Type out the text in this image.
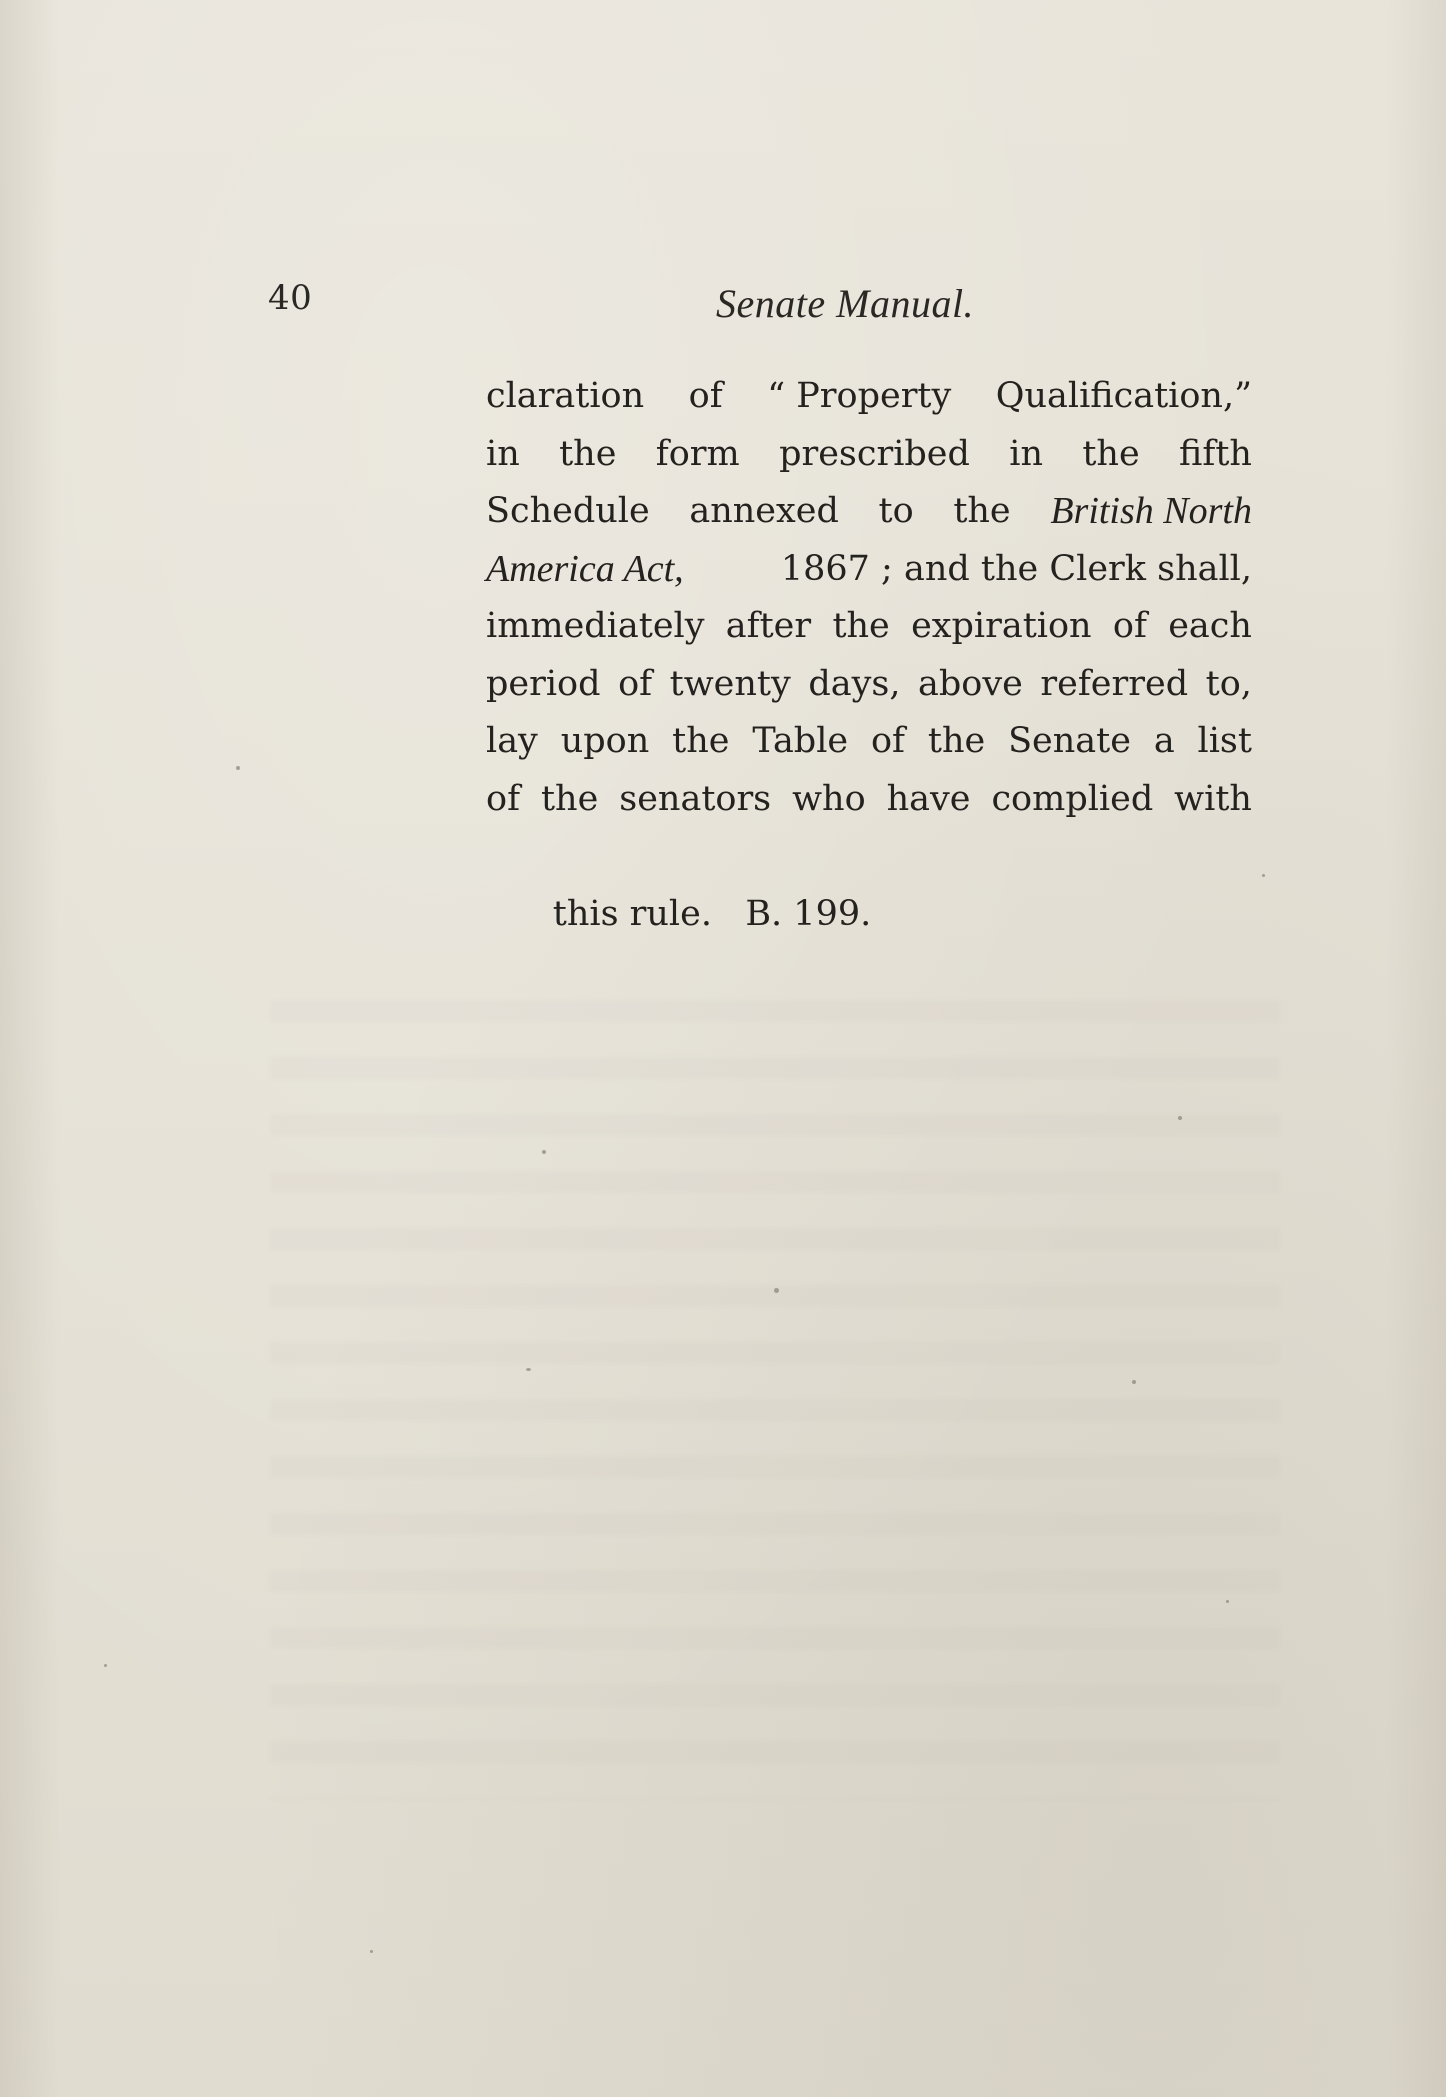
40	Senate Manual.
claration of “ Property Qualification,”
in the form prescribed in the fifth
Schedule annexed to the British North
America Act,	1867 ; and the Clerk shall,
immediately after the expiration of each
period of twenty days, above referred to,
lay upon the Table of the Senate a list
of the senators who have complied with

this rule.   B. 199.
